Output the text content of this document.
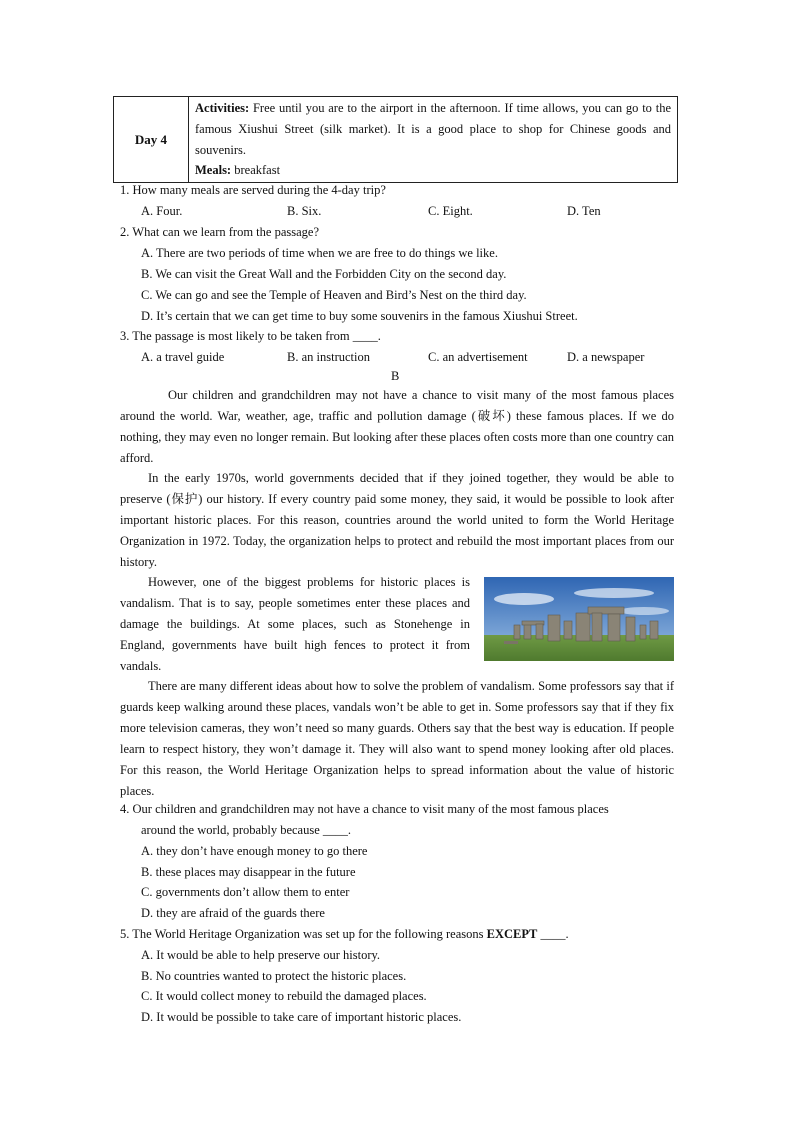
Day 4	Activities: Free until you are to the airport in the afternoon. If time allows, you can go to the famous Xiushui Street (silk market). It is a good place to shop for Chinese goods and souvenirs.
Meals: breakfast
1. How many meals are served during the 4-day trip?
A. Four.	B. Six.	C. Eight.	D. Ten
2. What can we learn from the passage?
A. There are two periods of time when we are free to do things we like.
B. We can visit the Great Wall and the Forbidden City on the second day.
C. We can go and see the Temple of Heaven and Bird’s Nest on the third day.
D. It’s certain that we can get time to buy some souvenirs in the famous Xiushui Street.
3. The passage is most likely to be taken from ____.
A. a travel guide	B. an instruction	C. an advertisement	D. a newspaper
B
Our children and grandchildren may not have a chance to visit many of the most famous places around the world. War, weather, age, traffic and pollution damage (破坏) these famous places. If we do nothing, they may even no longer remain. But looking after these places often costs more than one country can afford.
In the early 1970s, world governments decided that if they joined together, they would be able to preserve (保护) our history. If every country paid some money, they said, it would be possible to look after important historic places. For this reason, countries around the world united to form the World Heritage Organization in 1972. Today, the organization helps to protect and rebuild the most important places from our history.
However, one of the biggest problems for historic places is vandalism. That is to say, people sometimes enter these places and damage the buildings. At some places, such as Stonehenge in England, governments have built high fences to protect it from vandals.
There are many different ideas about how to solve the problem of vandalism. Some professors say that if guards keep walking around these places, vandals won’t be able to get in. Some professors say that if they fix more television cameras, they won’t need so many guards. Others say that the best way is education. If people learn to respect history, they won’t damage it. They will also want to spend money looking after old places. For this reason, the World Heritage Organization helps to spread information about the value of historic places.
4. Our children and grandchildren may not have a chance to visit many of the most famous places
around the world, probably because ____.
A. they don’t have enough money to go there
B. these places may disappear in the future
C. governments don’t allow them to enter
D. they are afraid of the guards there
5. The World Heritage Organization was set up for the following reasons EXCEPT ____.
A. It would be able to help preserve our history.
B. No countries wanted to protect the historic places.
C. It would collect money to rebuild the damaged places.
D. It would be possible to take care of important historic places.
